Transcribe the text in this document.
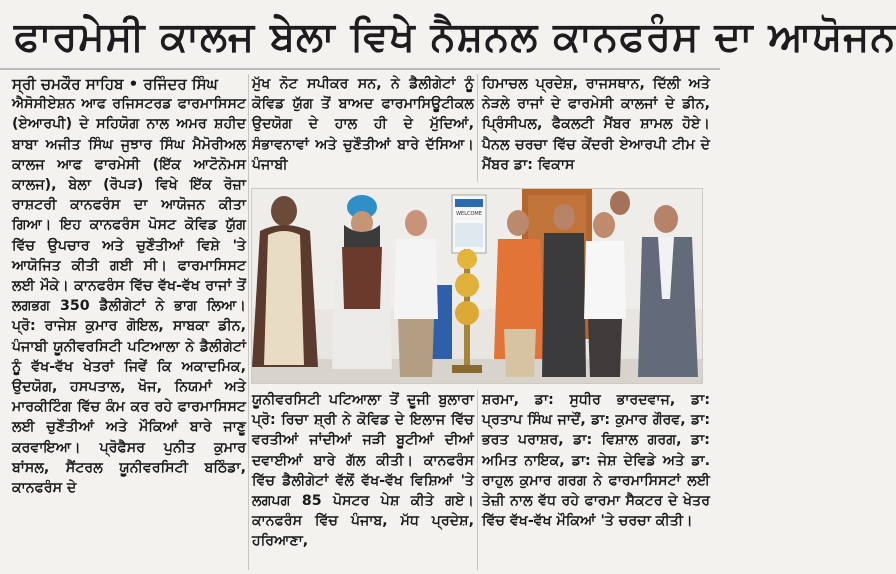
ਫਾਰਮੇਸੀ ਕਾਲਜ ਬੇਲਾ ਵਿਖੇ ਨੈਸ਼ਨਲ ਕਾਨਫਰੰਸ ਦਾ ਆਯੋਜਨ

ਸ੍ਰੀ ਚਮਕੌਰ ਸਾਹਿਬ • ਰਜਿੰਦਰ ਸਿੰਘ

ਐਸੋਸੀਏਸ਼ਨ ਆਫ ਰਜਿਸਟਰਡ ਫਾਰਮਾਸਿਸਟ (ਏਆਰਪੀ) ਦੇ ਸਹਿਯੋਗ ਨਾਲ ਅਮਰ ਸ਼ਹੀਦ ਬਾਬਾ ਅਜੀਤ ਸਿੰਘ ਜੁਝਾਰ ਸਿੰਘ ਮੈਮੋਰੀਅਲ ਕਾਲਜ ਆਫ ਫਾਰਮੇਸੀ (ਇੱਕ ਆਟੋਨੋਮਸ ਕਾਲਜ), ਬੇਲਾ (ਰੋਪੜ) ਵਿਖੇ ਇੱਕ ਰੋਜ਼ਾ ਰਾਸ਼ਟਰੀ ਕਾਨਫਰੰਸ ਦਾ ਆਯੋਜਨ ਕੀਤਾ ਗਿਆ। ਇਹ ਕਾਨਫਰੰਸ ਪੋਸਟ ਕੋਵਿਡ ਯੁੱਗ ਵਿੱਚ ਉਪਚਾਰ ਅਤੇ ਚੁਣੌਤੀਆਂ ਵਿਸ਼ੇ 'ਤੇ ਆਯੋਜਿਤ ਕੀਤੀ ਗਈ ਸੀ। ਫਾਰਮਾਸਿਸਟ ਲਈ ਮੌਕੇ। ਕਾਨਫਰੰਸ ਵਿੱਚ ਵੱਖ-ਵੱਖ ਰਾਜਾਂ ਤੋਂ ਲਗਭਗ 350 ਡੈਲੀਗੇਟਾਂ ਨੇ ਭਾਗ ਲਿਆ। ਪ੍ਰੋ: ਰਾਜੇਸ਼ ਕੁਮਾਰ ਗੋਇਲ, ਸਾਬਕਾ ਡੀਨ, ਪੰਜਾਬੀ ਯੂਨੀਵਰਸਿਟੀ ਪਟਿਆਲਾ ਨੇ ਡੈਲੀਗੇਟਾਂ ਨੂੰ ਵੱਖ-ਵੱਖ ਖੇਤਰਾਂ ਜਿਵੇਂ ਕਿ ਅਕਾਦਮਿਕ, ਉਦਯੋਗ, ਹਸਪਤਾਲ, ਖੋਜ, ਨਿਯਮਾਂ ਅਤੇ ਮਾਰਕੀਟਿੰਗ ਵਿੱਚ ਕੰਮ ਕਰ ਰਹੇ ਫਾਰਮਾਸਿਸਟ ਲਈ ਚੁਣੌਤੀਆਂ ਅਤੇ ਮੌਕਿਆਂ ਬਾਰੇ ਜਾਣੂ ਕਰਵਾਇਆ। ਪ੍ਰੋਫੈਸਰ ਪੁਨੀਤ ਕੁਮਾਰ ਬਾਂਸਲ, ਸੈਂਟਰਲ ਯੂਨੀਵਰਸਿਟੀ ਬਠਿੰਡਾ, ਕਾਨਫਰੰਸ ਦੇ

ਮੁੱਖ ਨੋਟ ਸਪੀਕਰ ਸਨ, ਨੇ ਡੈਲੀਗੇਟਾਂ ਨੂੰ ਕੋਵਿਡ ਯੁੱਗ ਤੋਂ ਬਾਅਦ ਫਾਰਮਾਸਿਊਟੀਕਲ ਉਦਯੋਗ ਦੇ ਹਾਲ ਹੀ ਦੇ ਮੁੱਦਿਆਂ, ਸੰਭਾਵਨਾਵਾਂ ਅਤੇ ਚੁਣੌਤੀਆਂ ਬਾਰੇ ਦੱਸਿਆ। ਪੰਜਾਬੀ

ਹਿਮਾਚਲ ਪ੍ਰਦੇਸ਼, ਰਾਜਸਥਾਨ, ਦਿੱਲੀ ਅਤੇ ਨੇੜਲੇ ਰਾਜਾਂ ਦੇ ਫਾਰਮੇਸੀ ਕਾਲਜਾਂ ਦੇ ਡੀਨ, ਪ੍ਰਿੰਸੀਪਲ, ਫੈਕਲਟੀ ਮੈਂਬਰ ਸ਼ਾਮਲ ਹੋਏ। ਪੈਨਲ ਚਰਚਾ ਵਿੱਚ ਕੇਂਦਰੀ ਏਆਰਪੀ ਟੀਮ ਦੇ ਮੈਂਬਰ ਡਾ: ਵਿਕਾਸ

WELCOME

ਯੂਨੀਵਰਸਿਟੀ ਪਟਿਆਲਾ ਤੋਂ ਦੂਜੀ ਬੁਲਾਰਾ ਪ੍ਰੋ: ਰਿਚਾ ਸ਼੍ਰੀ ਨੇ ਕੋਵਿਡ ਦੇ ਇਲਾਜ ਵਿੱਚ ਵਰਤੀਆਂ ਜਾਂਦੀਆਂ ਜੜੀ ਬੂਟੀਆਂ ਦੀਆਂ ਦਵਾਈਆਂ ਬਾਰੇ ਗੱਲ ਕੀਤੀ। ਕਾਨਫਰੰਸ ਵਿੱਚ ਡੈਲੀਗੇਟਾਂ ਵੱਲੋਂ ਵੱਖ-ਵੱਖ ਵਿਸ਼ਿਆਂ 'ਤੇ ਲਗਪਗ 85 ਪੋਸਟਰ ਪੇਸ਼ ਕੀਤੇ ਗਏ। ਕਾਨਫਰੰਸ ਵਿੱਚ ਪੰਜਾਬ, ਮੱਧ ਪ੍ਰਦੇਸ਼, ਹਰਿਆਣਾ,

ਸ਼ਰਮਾ, ਡਾ: ਸੁਧੀਰ ਭਾਰਦਵਾਜ, ਡਾ: ਪ੍ਰਤਾਪ ਸਿੰਘ ਜਾਦੌਂ, ਡਾ: ਕੁਮਾਰ ਗੌਰਵ, ਡਾ: ਭਰਤ ਪਰਾਸ਼ਰ, ਡਾ: ਵਿਸ਼ਾਲ ਗਰਗ, ਡਾ: ਅਮਿਤ ਨਾਇਕ, ਡਾ: ਜੇਸ਼ ਦੇਵਿਡੇ ਅਤੇ ਡਾ. ਰਾਹੁਲ ਕੁਮਾਰ ਗਰਗ ਨੇ ਫਾਰਮਾਸਿਸਟਾਂ ਲਈ ਤੇਜ਼ੀ ਨਾਲ ਵੱਧ ਰਹੇ ਫਾਰਮਾ ਸੈਕਟਰ ਦੇ ਖੇਤਰ ਵਿੱਚ ਵੱਖ-ਵੱਖ ਮੌਕਿਆਂ 'ਤੇ ਚਰਚਾ ਕੀਤੀ।
